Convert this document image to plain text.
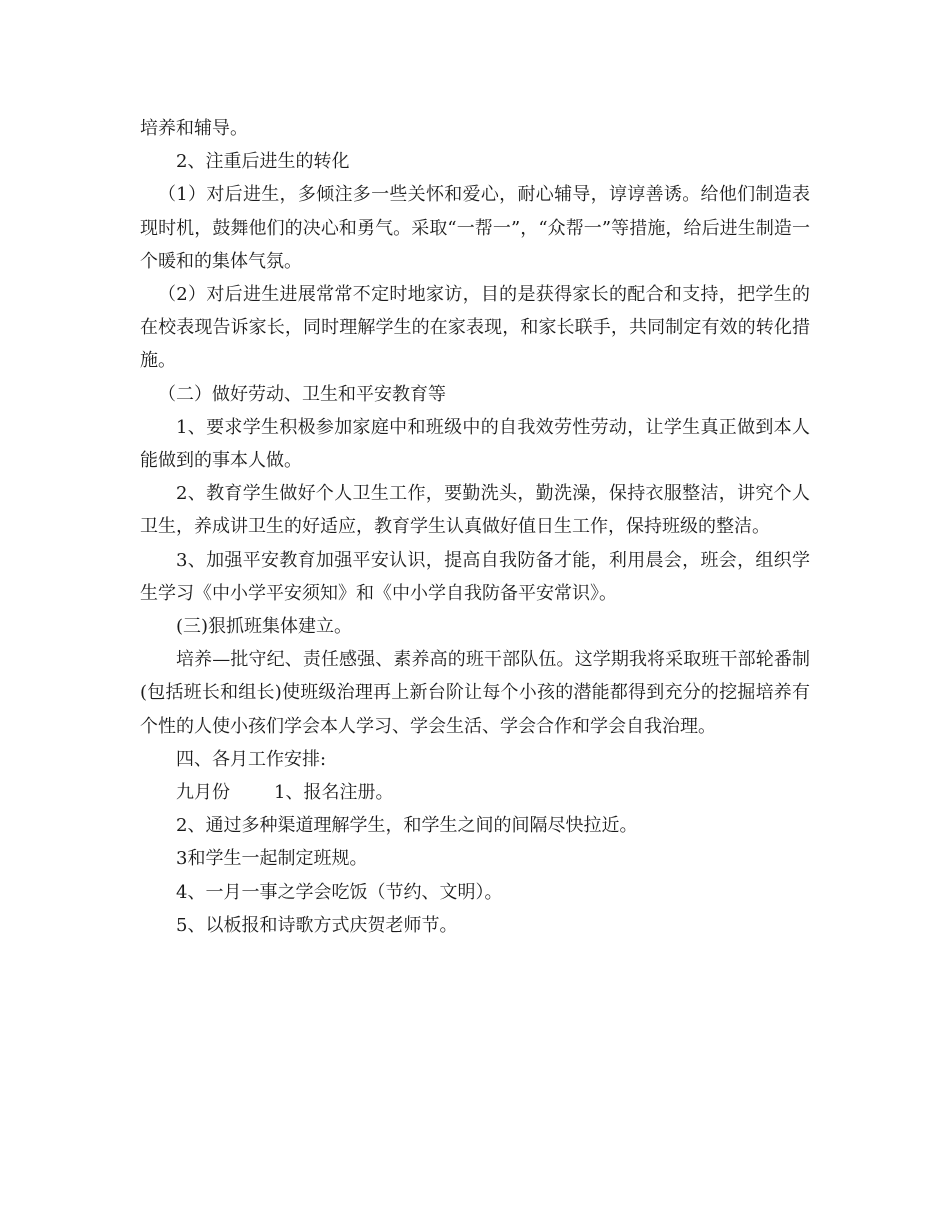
培养和辅导。

2、注重后进生的转化

（1）对后进生，多倾注多一些关怀和爱心，耐心辅导，谆谆善诱。给他们制造表现时机，鼓舞他们的决心和勇气。采取“一帮一”，“众帮一”等措施，给后进生制造一个暖和的集体气氛。

（2）对后进生进展常常不定时地家访，目的是获得家长的配合和支持，把学生的在校表现告诉家长，同时理解学生的在家表现，和家长联手，共同制定有效的转化措施。

（二）做好劳动、卫生和平安教育等

1、要求学生积极参加家庭中和班级中的自我效劳性劳动，让学生真正做到本人能做到的事本人做。

2、教育学生做好个人卫生工作，要勤洗头，勤洗澡，保持衣服整洁，讲究个人卫生，养成讲卫生的好适应，教育学生认真做好值日生工作，保持班级的整洁。

3、加强平安教育加强平安认识，提高自我防备才能，利用晨会，班会，组织学生学习《中小学平安须知》和《中小学自我防备平安常识》。

(三)狠抓班集体建立。

培养—批守纪、责任感强、素养高的班干部队伍。这学期我将采取班干部轮番制(包括班长和组长)使班级治理再上新台阶让每个小孩的潜能都得到充分的挖掘培养有个性的人使小孩们学会本人学习、学会生活、学会合作和学会自我治理。

四、各月工作安排:

九月份 1、报名注册。

2、通过多种渠道理解学生，和学生之间的间隔尽快拉近。

3和学生一起制定班规。

4、一月一事之学会吃饭（节约、文明）。

5、以板报和诗歌方式庆贺老师节。
